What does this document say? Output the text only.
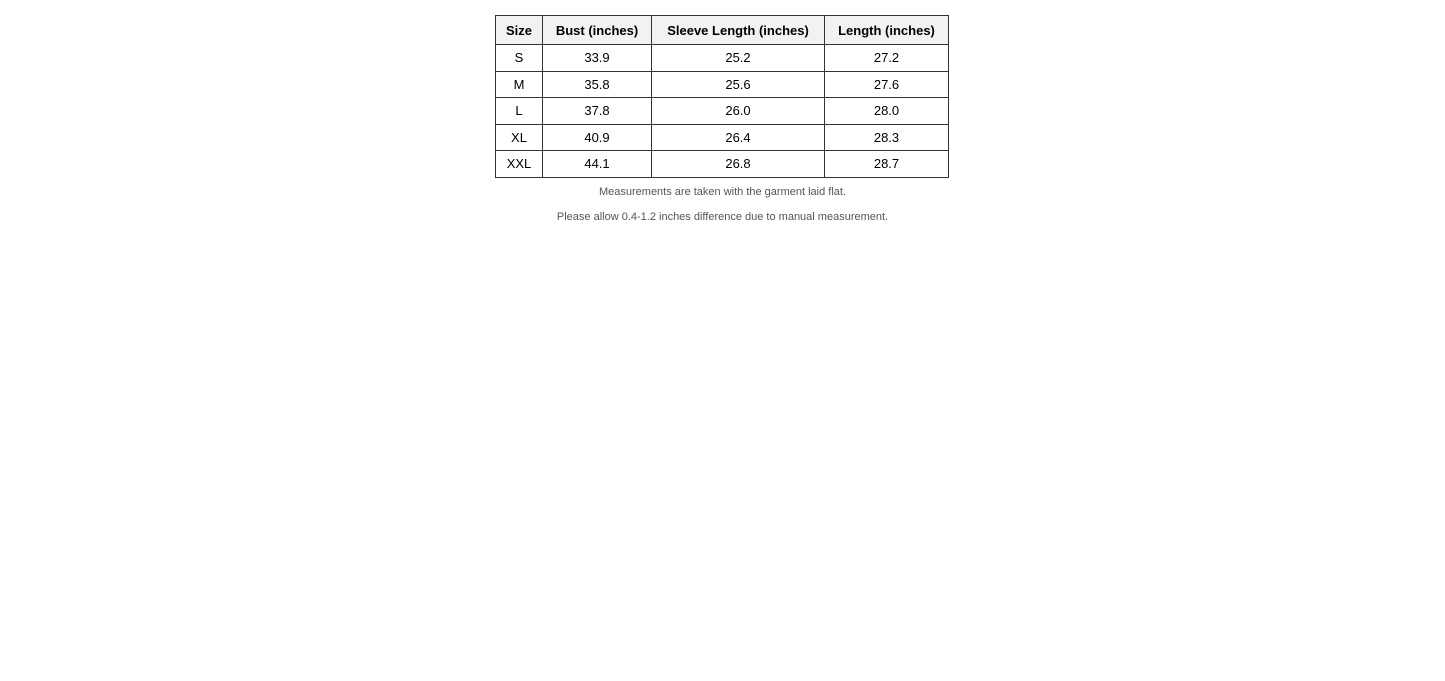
Size	Bust (inches)	Sleeve Length (inches)	Length (inches)
S	33.9	25.2	27.2
M	35.8	25.6	27.6
L	37.8	26.0	28.0
XL	40.9	26.4	28.3
XXL	44.1	26.8	28.7

Measurements are taken with the garment laid flat.

Please allow 0.4-1.2 inches difference due to manual measurement.
